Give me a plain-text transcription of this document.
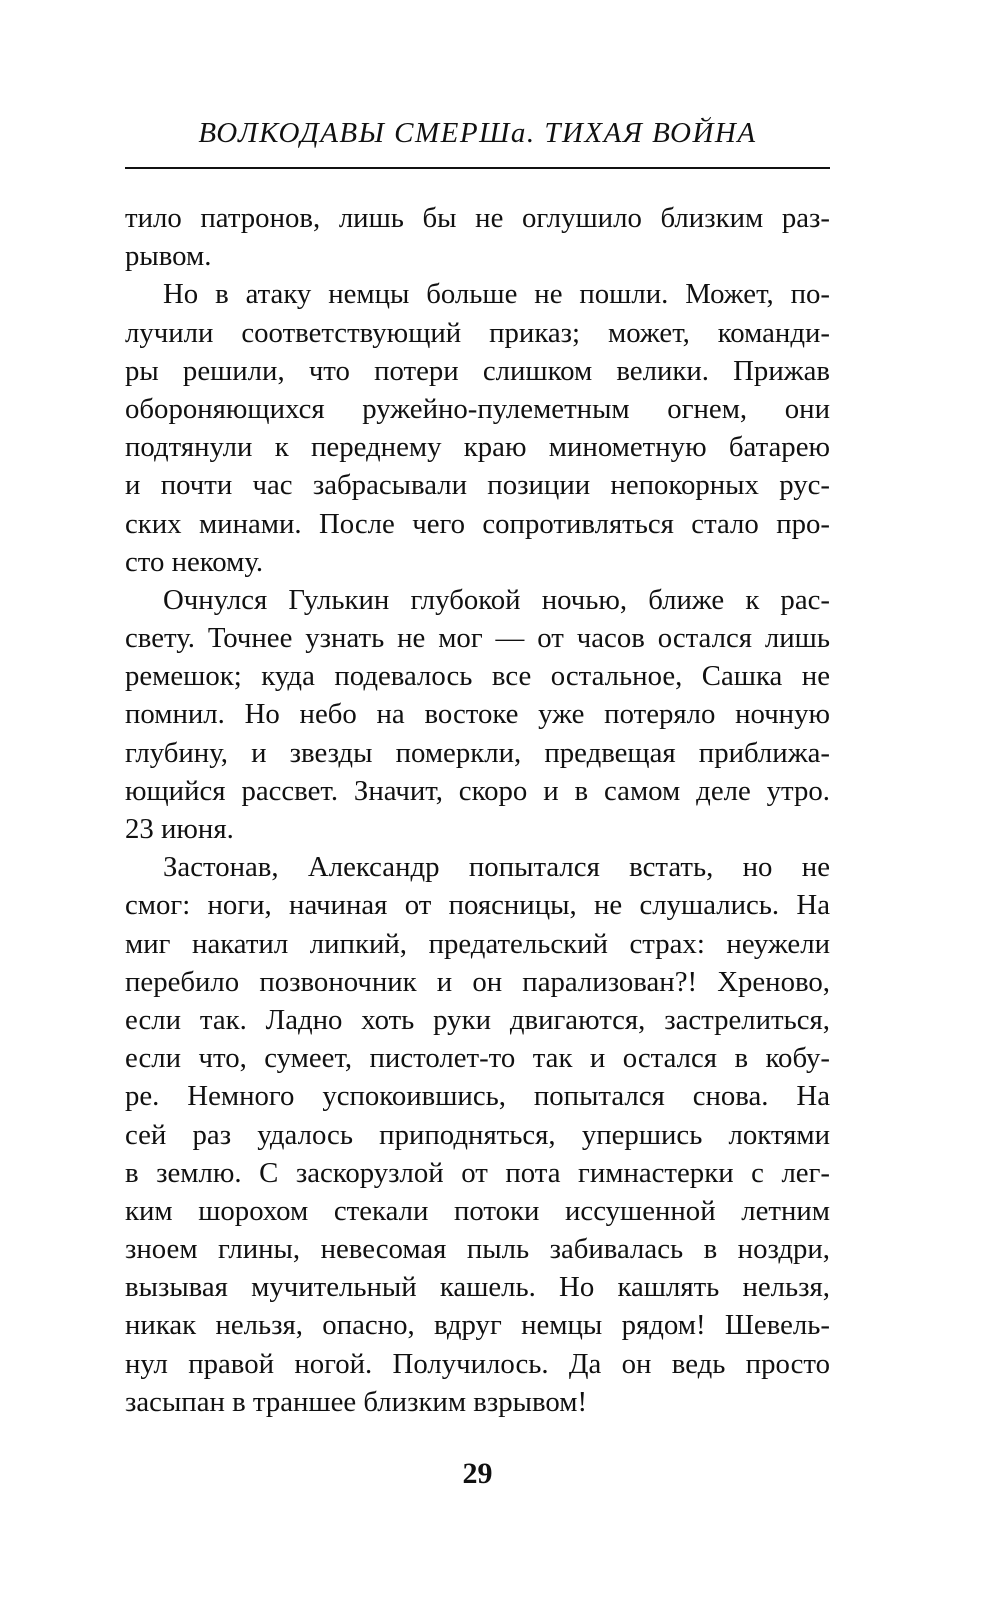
ВОЛКОДАВЫ СМЕРШа. ТИХАЯ ВОЙНА
тило патронов, лишь бы не оглушило близким раз-
рывом.
Но в атаку немцы больше не пошли. Может, по-
лучили соответствующий приказ; может, команди-
ры решили, что потери слишком велики. Прижав
обороняющихся ружейно-пулеметным огнем, они
подтянули к переднему краю минометную батарею
и почти час забрасывали позиции непокорных рус-
ских минами. После чего сопротивляться стало про-
сто некому.
Очнулся Гулькин глубокой ночью, ближе к рас-
свету. Точнее узнать не мог — от часов остался лишь
ремешок; куда подевалось все остальное, Сашка не
помнил. Но небо на востоке уже потеряло ночную
глубину, и звезды померкли, предвещая приближа-
ющийся рассвет. Значит, скоро и в самом деле утро.
23 июня.
Застонав, Александр попытался встать, но не
смог: ноги, начиная от поясницы, не слушались. На
миг накатил липкий, предательский страх: неужели
перебило позвоночник и он парализован?! Хреново,
если так. Ладно хоть руки двигаются, застрелиться,
если что, сумеет, пистолет-то так и остался в кобу-
ре. Немного успокоившись, попытался снова. На
сей раз удалось приподняться, упершись локтями
в землю. С заскорузлой от пота гимнастерки с лег-
ким шорохом стекали потоки иссушенной летним
зноем глины, невесомая пыль забивалась в ноздри,
вызывая мучительный кашель. Но кашлять нельзя,
никак нельзя, опасно, вдруг немцы рядом! Шевель-
нул правой ногой. Получилось. Да он ведь просто
засыпан в траншее близким взрывом!
29
